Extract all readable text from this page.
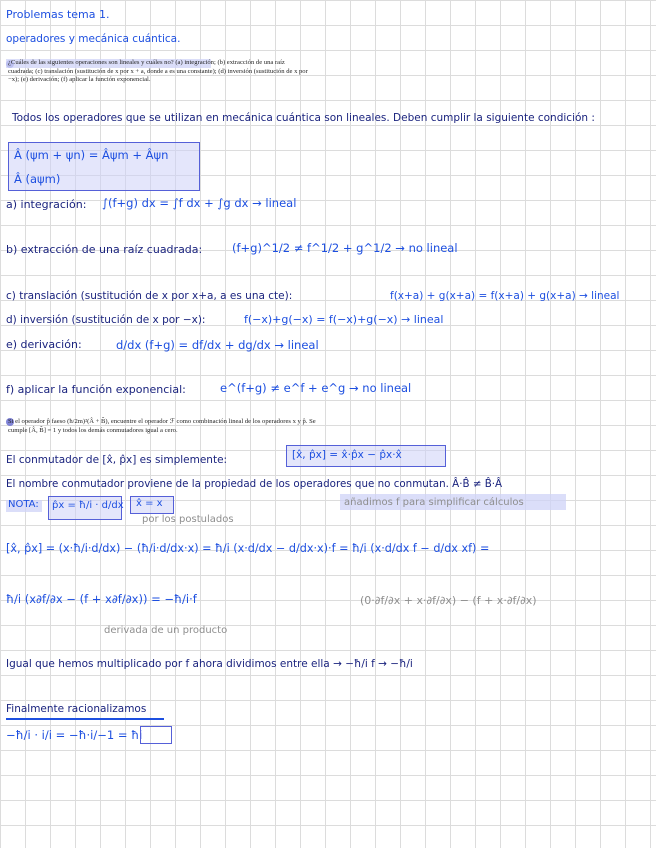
Problemas tema 1.
operadores y mecánica cuántica.
¿Cuáles de las siguientes operaciones son lineales y cuáles no? (a) integración; (b) extracción de una raíz cuadrada; (c) translación (sustitución de x por x + a, donde a es una constante); (d) inversión (sustitución de x por −x); (e) derivación; (f) aplicar la función exponencial.
Todos los operadores que se utilizan en mecánica cuántica son lineales. Deben cumplir la siguiente condición :
Â (ψm + ψn) = Âψm + Âψn
Â (aψm)
a) integración: ∫(f+g) dx = ∫f dx + ∫g dx → lineal
b) extracción de una raíz cuadrada:	(f+g)^1/2 ≠ f^1/2 + g^1/2 → no lineal
c) translación (sustitución de x por x+a, a es una cte):	f(x+a) + g(x+a) = f(x+a) + g(x+a) → lineal
d) inversión (sustitución de x por −x):	f(−x)+g(−x) = f(−x)+g(−x) → lineal
e) derivación:	d/dx (f+g) = df/dx + dg/dx → lineal
f) aplicar la función exponencial:	e^(f+g) ≠ e^f + e^g → no lineal
Si el operador p̂ faeso (ħ/2m)²(Â + B̂), encuentre el operador ℱ como combinación lineal de los operadores x y p̂. Se cumple [Â, B̂] = 1 y todos los demás conmutadores igual a cero.
El conmutador de [x̂, p̂x] es simplemente:	[x̂, p̂x] = x̂·p̂x − p̂x·x̂
El nombre conmutador proviene de la propiedad de los operadores que no conmutan. Â·B̂ ≠ B̂·Â
NOTA: p̂x = ħ/i · d/dx x̂ = x	añadimos f para simplificar cálculos
por los postulados
[x̂, p̂x] = (x·ħ/i·d/dx) − (ħ/i·d/dx·x) = ħ/i (x·d/dx − d/dx·x)·f = ħ/i (x·d/dx f − d/dx xf) =
ħ/i (x∂f/∂x − (f + x∂f/∂x)) = −ħ/i·f	(0·∂f/∂x + x·∂f/∂x) − (f + x·∂f/∂x)
derivada de un producto
Igual que hemos multiplicado por f ahora dividimos entre ella → −ħ/i f → −ħ/i
Finalmente racionalizamos
−ħ/i · i/i = −ħ·i/−1 = ħi
